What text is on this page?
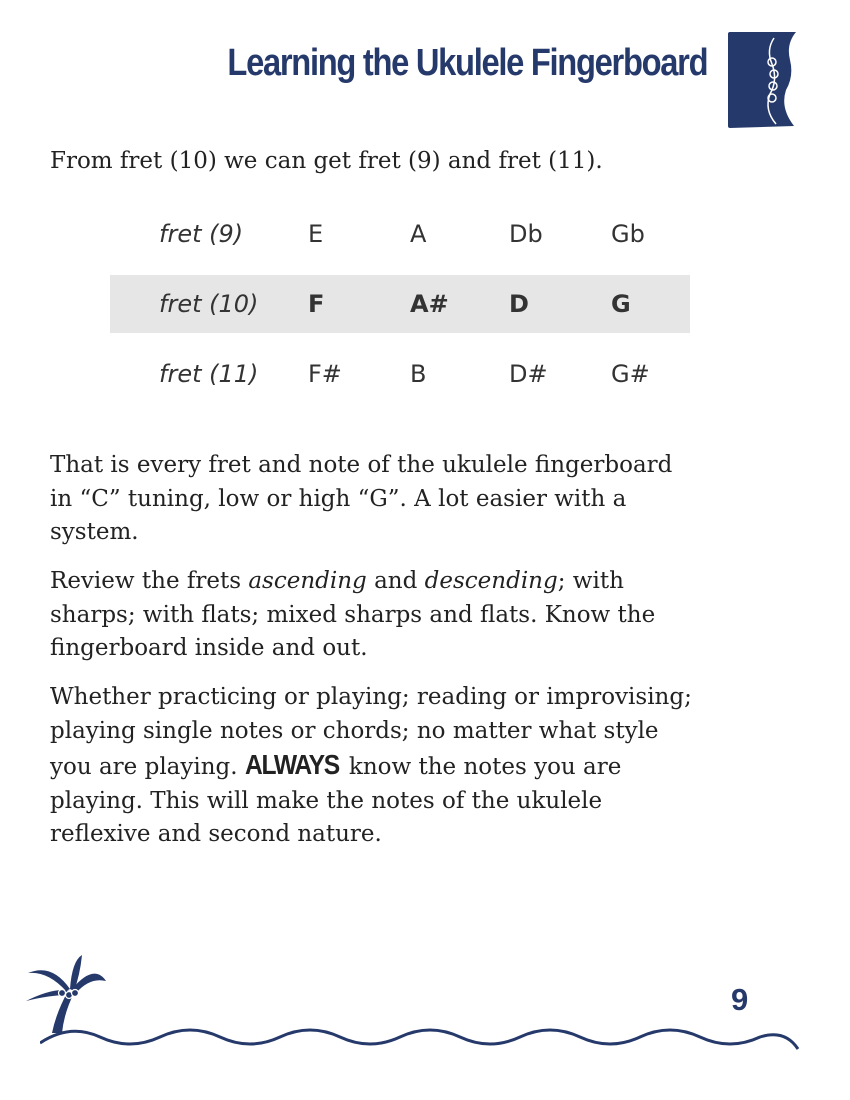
Learning the Ukulele Fingerboard
From fret (10) we can get fret (9) and fret (11).
fret (9)	E	A	Db	Gb
fret (10) F	A#	D	G
fret (11) F#	B	D#	G#

That is every fret and note of the ukulele fingerboard
in “C” tuning, low or high “G”. A lot easier with a
system.

Review the frets ascending and descending; with
sharps; with flats; mixed sharps and flats. Know the
fingerboard inside and out.

Whether practicing or playing; reading or improvising;
playing single notes or chords; no matter what style
you are playing. ALWAYS know the notes you are
playing. This will make the notes of the ukulele
reflexive and second nature.

9
